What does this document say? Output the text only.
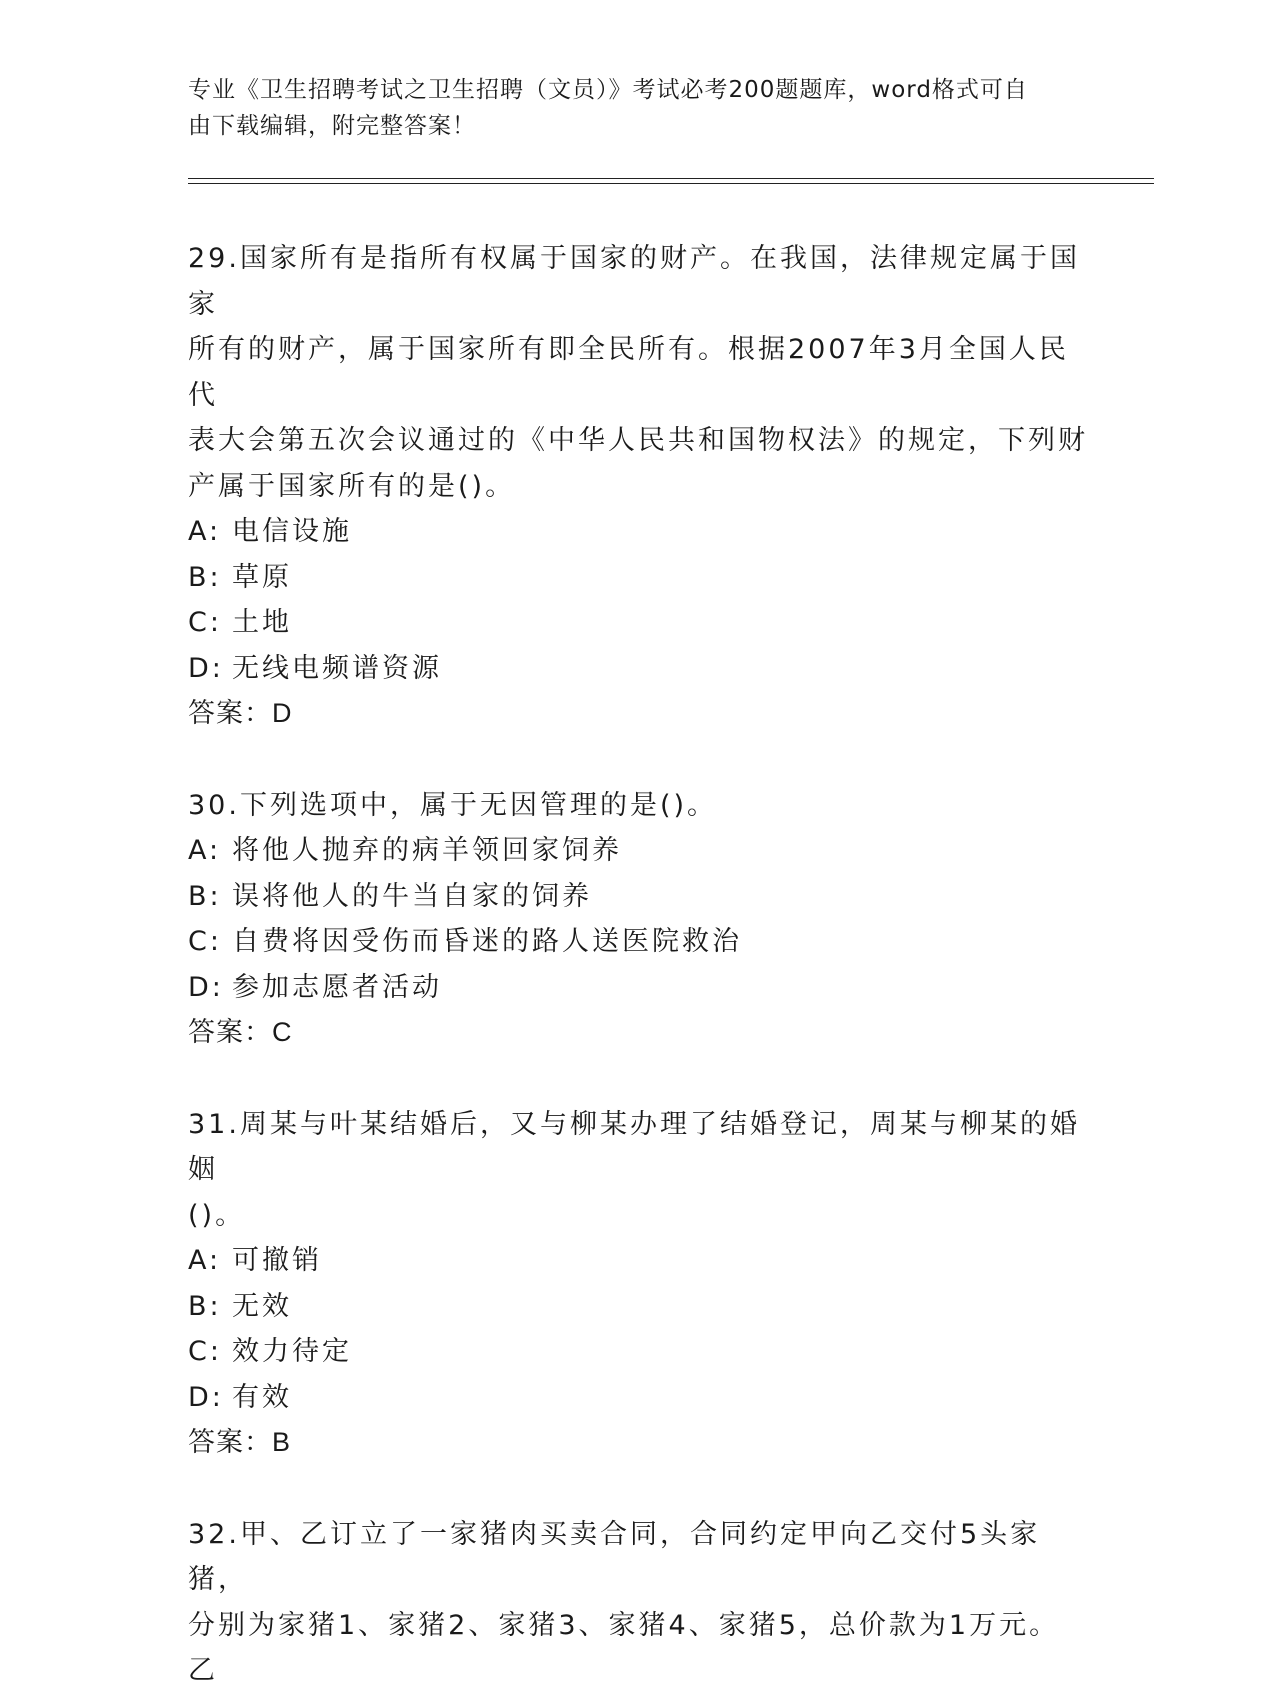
专业《卫生招聘考试之卫生招聘（文员）》考试必考200题题库，word格式可自
由下载编辑，附完整答案！

29.国家所有是指所有权属于国家的财产。在我国，法律规定属于国家

所有的财产，属于国家所有即全民所有。根据2007年3月全国人民代

表大会第五次会议通过的《中华人民共和国物权法》的规定，下列财

产属于国家所有的是()。

A: 电信设施

B: 草原

C: 土地

D: 无线电频谱资源

答案：D

30.下列选项中，属于无因管理的是()。

A: 将他人抛弃的病羊领回家饲养

B: 误将他人的牛当自家的饲养

C: 自费将因受伤而昏迷的路人送医院救治

D: 参加志愿者活动

答案：C

31.周某与叶某结婚后，又与柳某办理了结婚登记，周某与柳某的婚姻

()。

A: 可撤销

B: 无效

C: 效力待定

D: 有效

答案：B

32.甲、乙订立了一家猪肉买卖合同，合同约定甲向乙交付5头家猪，

分别为家猪1、家猪2、家猪3、家猪4、家猪5，总价款为1万元。乙
